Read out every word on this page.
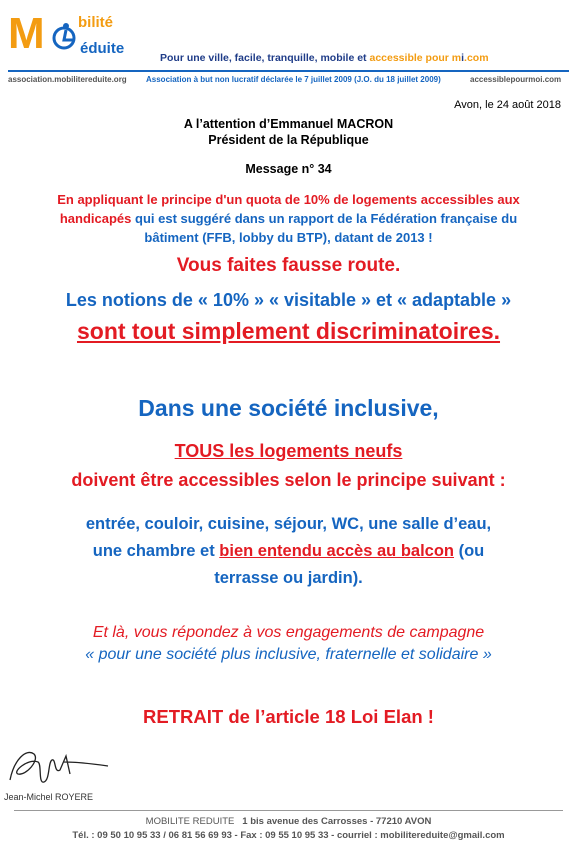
M bilité
éduite
Pour une ville, facile, tranquille, mobile et accessible pour mi.com
association.mobilitereduite.org Association à but non lucratif déclarée le 7 juillet 2009 (J.O. du 18 juillet 2009)	accessiblepourmoi.com
Avon, le 24 août 2018
A l’attention d’Emmanuel MACRON
Président de la République
Message n° 34
En appliquant le principe d'un quota de 10% de logements accessibles aux
handicapés qui est suggéré dans un rapport de la Fédération française du
bâtiment (FFB, lobby du BTP), datant de 2013 !
Vous faites fausse route.
Les notions de « 10% » « visitable » et « adaptable »
sont tout simplement discriminatoires.
Dans une société inclusive,
TOUS les logements neufs
doivent être accessibles selon le principe suivant :
entrée, couloir, cuisine, séjour, WC, une salle d’eau,
une chambre et bien entendu accès au balcon (ou
terrasse ou jardin).
Et là, vous répondez à vos engagements de campagne
« pour une société plus inclusive, fraternelle et solidaire »
RETRAIT de l’article 18 Loi Elan !
Jean-Michel ROYERE
MOBILITE REDUITE 1 bis avenue des Carrosses - 77210 AVON
Tél. : 09 50 10 95 33 / 06 81 56 69 93 - Fax : 09 55 10 95 33 - courriel : mobilitereduite@gmail.com
